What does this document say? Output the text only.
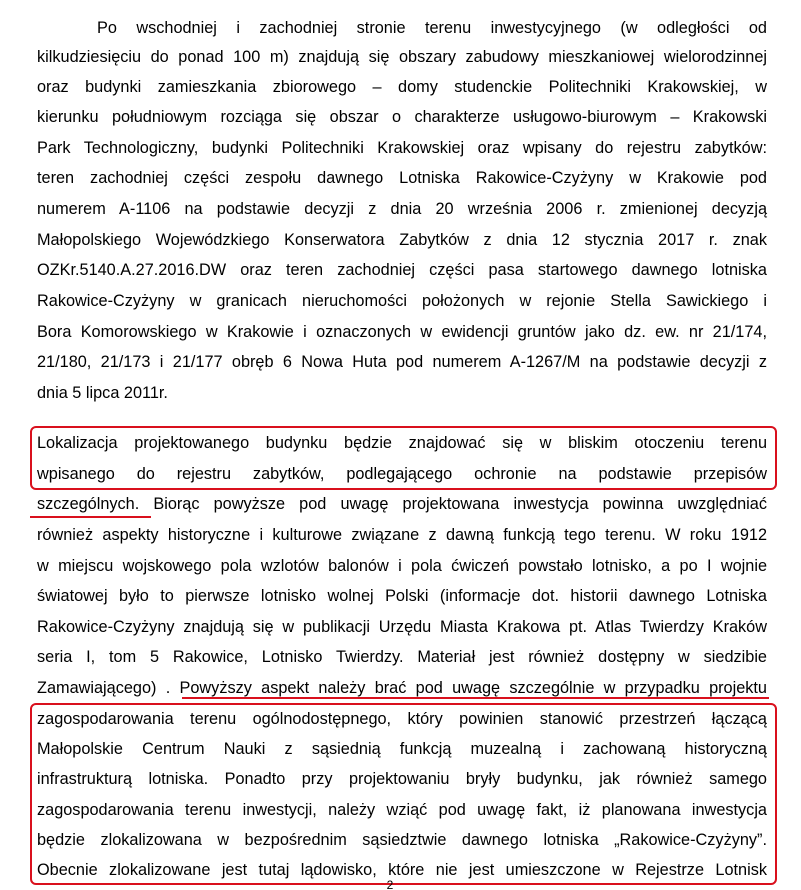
Po wschodniej i zachodniej stronie terenu inwestycyjnego (w odległości od
kilkudziesięciu do ponad 100 m) znajdują się obszary zabudowy mieszkaniowej wielorodzinnej
oraz budynki zamieszkania zbiorowego – domy studenckie Politechniki Krakowskiej, w
kierunku południowym rozciąga się obszar o charakterze usługowo-biurowym – Krakowski
Park Technologiczny, budynki Politechniki Krakowskiej oraz wpisany do rejestru zabytków:
teren zachodniej części zespołu dawnego Lotniska Rakowice-Czyżyny w Krakowie pod
numerem A-1106 na podstawie decyzji z dnia 20 września 2006 r. zmienionej decyzją
Małopolskiego Wojewódzkiego Konserwatora Zabytków z dnia 12 stycznia 2017 r. znak
OZKr.5140.A.27.2016.DW oraz teren zachodniej części pasa startowego dawnego lotniska
Rakowice-Czyżyny w granicach nieruchomości położonych w rejonie Stella Sawickiego i
Bora Komorowskiego w Krakowie i oznaczonych w ewidencji gruntów jako dz. ew. nr 21/174,
21/180, 21/173 i 21/177 obręb 6 Nowa Huta pod numerem A-1267/M na podstawie decyzji z
dnia 5 lipca 2011r.
Lokalizacja projektowanego budynku będzie znajdować się w bliskim otoczeniu terenu
wpisanego do rejestru zabytków, podlegającego ochronie na podstawie przepisów
szczególnych. Biorąc powyższe pod uwagę projektowana inwestycja powinna uwzględniać
również aspekty historyczne i kulturowe związane z dawną funkcją tego terenu. W roku 1912
w miejscu wojskowego pola wzlotów balonów i pola ćwiczeń powstało lotnisko, a po I wojnie
światowej było to pierwsze lotnisko wolnej Polski (informacje dot. historii dawnego Lotniska
Rakowice-Czyżyny znajdują się w publikacji Urzędu Miasta Krakowa pt. Atlas Twierdzy Kraków
seria I, tom 5 Rakowice, Lotnisko Twierdzy. Materiał jest również dostępny w siedzibie
Zamawiającego) . Powyższy aspekt należy brać pod uwagę szczególnie w przypadku projektu
zagospodarowania terenu ogólnodostępnego, który powinien stanowić przestrzeń łączącą
Małopolskie Centrum Nauki z sąsiednią funkcją muzealną i zachowaną historyczną
infrastrukturą lotniska. Ponadto przy projektowaniu bryły budynku, jak również samego
zagospodarowania terenu inwestycji, należy wziąć pod uwagę fakt, iż planowana inwestycja
będzie zlokalizowana w bezpośrednim sąsiedztwie dawnego lotniska „Rakowice-Czyżyny”.
Obecnie zlokalizowane jest tutaj lądowisko, które nie jest umieszczone w Rejestrze Lotnisk
2
